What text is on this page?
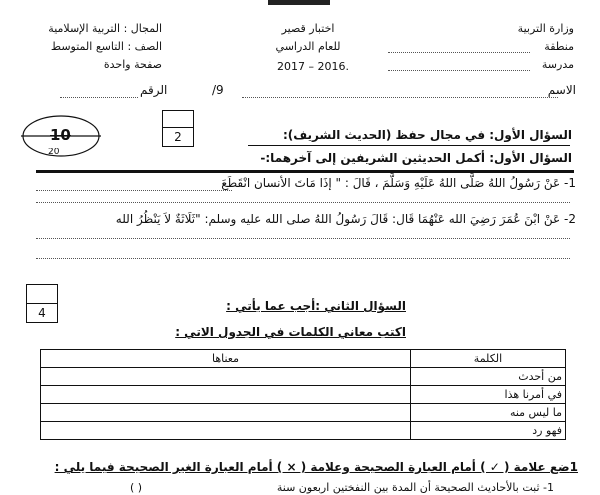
وزارة التربية
منطقة
مدرسة
اختبار قصير
للعام الدراسي
2017 – 2016.
المجال : التربية الإسلامية
الصف : التاسع المتوسط
صفحة واحدة
الاسم
/9
الرقم
10
20
2	السؤال الأول: في مجال حفظ (الحديث الشريف):
السؤال الأول: أكمل الحديثين الشريفين إلى آخرهما:-
1- عَنْ رَسُولُ اللهُ صَلَّى اللهُ عَلَيْهِ وَسَلَّمَ ، قَالَ : " إذَا مَاتَ الأنسان انْقَطَعَ
2- عَنْ ابْنَ عُمَرَ رَضِيَ الله عَنْهُمَا قَال: قَالَ رَسُولُ اللهُ صلى الله عليه وسلم: "ثَلَاثَةٌ لاَ يَنْظُرُ الله
4	السؤال الثاني :أجب عما يأتي :
اكتب معاني الكلمات في الجدول الاتي :
معناها	الكلمة
	من أحدث
	في أمرنا هذا
	ما ليس منه
	فهو رد
1ضع علامة ( ✓ ) أمام العبارة الصحيحة وعلامة ( × ) أمام العبارة الغير الصحيحة فيما يلي :
1- ثبت بالأحاديث الصحيحة أن المدة بين النفختين اربعون سنة
( )
